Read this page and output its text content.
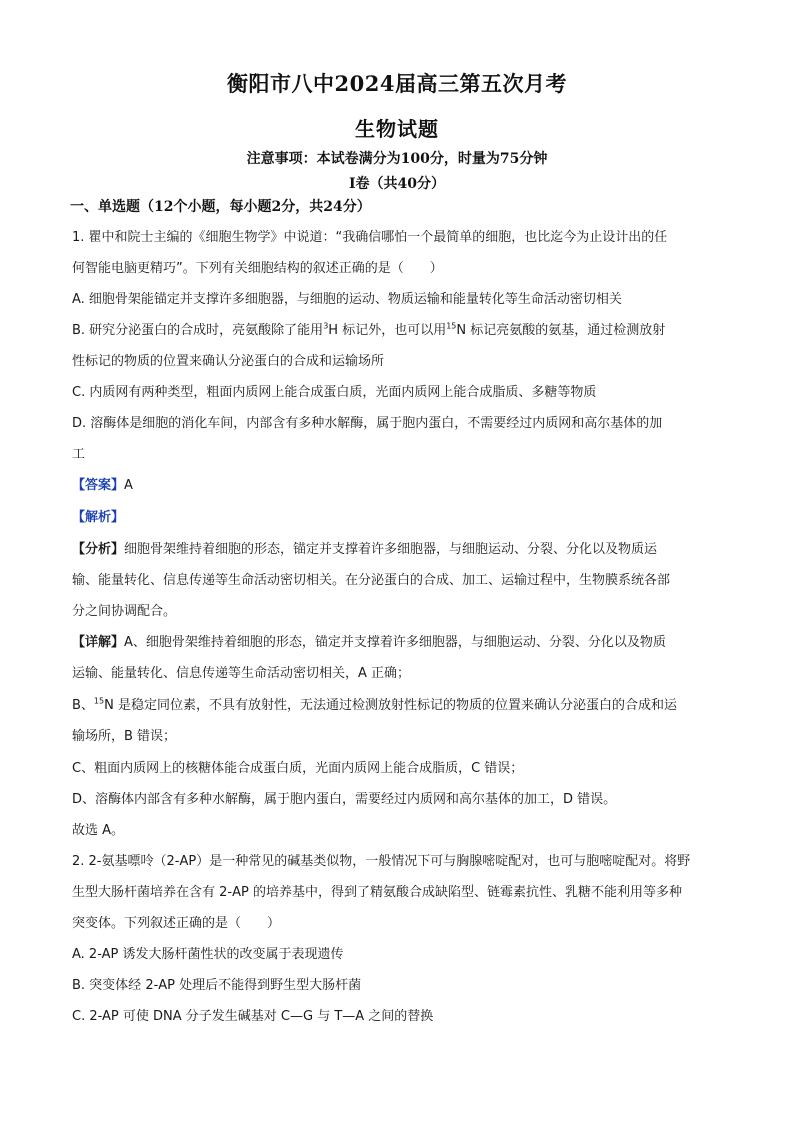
衡阳市八中2024届高三第五次月考
生物试题
注意事项：本试卷满分为100分，时量为75分钟
Ⅰ卷（共40分）
一、单选题（12个小题，每小题2分，共24分）
1. 瞿中和院士主编的《细胞生物学》中说道：“我确信哪怕一个最简单的细胞，也比迄今为止设计出的任
何智能电脑更精巧”。下列有关细胞结构的叙述正确的是（　　）
A. 细胞骨架能锚定并支撑许多细胞器，与细胞的运动、物质运输和能量转化等生命活动密切相关
B. 研究分泌蛋白的合成时，亮氨酸除了能用$^3$H 标记外，也可以用$^{15}$N 标记亮氨酸的氨基，通过检测放射
性标记的物质的位置来确认分泌蛋白的合成和运输场所
C. 内质网有两种类型，粗面内质网上能合成蛋白质，光面内质网上能合成脂质、多糖等物质
D. 溶酶体是细胞的消化车间，内部含有多种水解酶，属于胞内蛋白，不需要经过内质网和高尔基体的加
工
【答案】A
【解析】
【分析】细胞骨架维持着细胞的形态，锚定并支撑着许多细胞器，与细胞运动、分裂、分化以及物质运
输、能量转化、信息传递等生命活动密切相关。在分泌蛋白的合成、加工、运输过程中，生物膜系统各部
分之间协调配合。
【详解】A、细胞骨架维持着细胞的形态，锚定并支撑着许多细胞器，与细胞运动、分裂、分化以及物质
运输、能量转化、信息传递等生命活动密切相关，A 正确；
B、$^{15}$N 是稳定同位素，不具有放射性，无法通过检测放射性标记的物质的位置来确认分泌蛋白的合成和运
输场所，B 错误；
C、粗面内质网上的核糖体能合成蛋白质，光面内质网上能合成脂质，C 错误；
D、溶酶体内部含有多种水解酶，属于胞内蛋白，需要经过内质网和高尔基体的加工，D 错误。
故选 A。
2. 2-氨基嘌呤（2-AP）是一种常见的碱基类似物，一般情况下可与胸腺嘧啶配对，也可与胞嘧啶配对。将野
生型大肠杆菌培养在含有 2-AP 的培养基中，得到了精氨酸合成缺陷型、链霉素抗性、乳糖不能利用等多种
突变体。下列叙述正确的是（　　）
A. 2-AP 诱发大肠杆菌性状的改变属于表现遗传
B. 突变体经 2-AP 处理后不能得到野生型大肠杆菌
C. 2-AP 可使 DNA 分子发生碱基对 C—G 与 T—A 之间的替换
